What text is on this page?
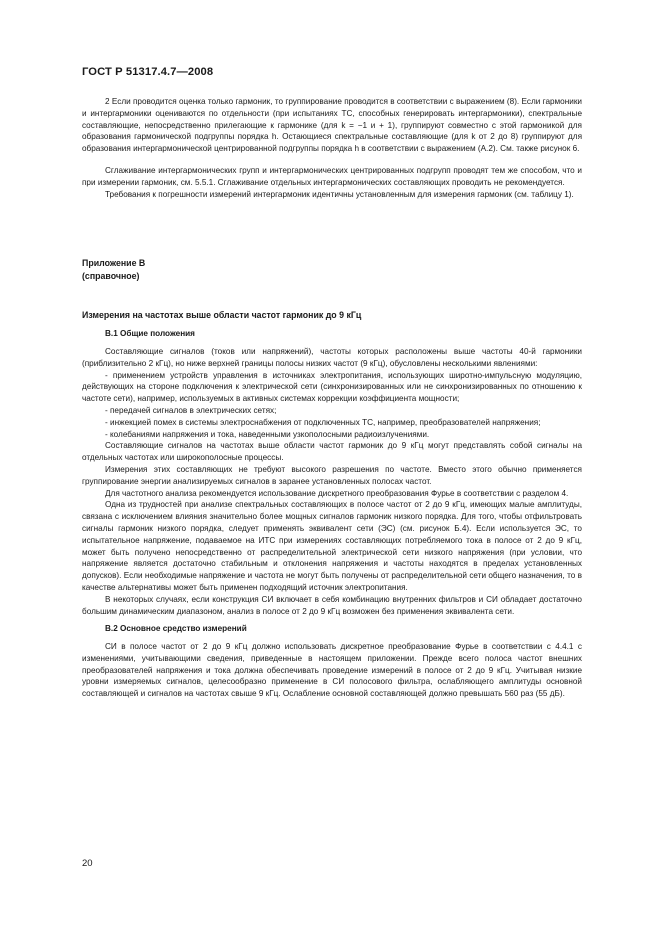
ГОСТ Р 51317.4.7—2008

2 Если проводится оценка только гармоник, то группирование проводится в соответствии с выражением (8). Если гармоники и интергармоники оцениваются по отдельности (при испытаниях ТС, способных генерировать интергармоники), спектральные составляющие, непосредственно прилегающие к гармонике (для k = −1 и + 1), группируют совместно с этой гармоникой для образования гармонической подгруппы порядка h. Остающиеся спектральные составляющие (для k от 2 до 8) группируют для образования интергармонической центрированной подгруппы порядка h в соответствии с выражением (А.2). См. также рисунок 6.

Сглаживание интергармонических групп и интергармонических центрированных подгрупп проводят тем же способом, что и при измерении гармоник, см. 5.5.1. Сглаживание отдельных интергармонических составляющих проводить не рекомендуется.

Требования к погрешности измерений интергармоник идентичны установленным для измерения гармоник (см. таблицу 1).

Приложение В

(справочное)

Измерения на частотах выше области частот гармоник до 9 кГц

В.1 Общие положения

Составляющие сигналов (токов или напряжений), частоты которых расположены выше частоты 40-й гармоники (приблизительно 2 кГц), но ниже верхней границы полосы низких частот (9 кГц), обусловлены несколькими явлениями:

- применением устройств управления в источниках электропитания, использующих широтно-импульсную модуляцию, действующих на стороне подключения к электрической сети (синхронизированных или не синхронизированных по отношению к частоте сети), например, используемых в активных системах коррекции коэффициента мощности;

- передачей сигналов в электрических сетях;

- инжекцией помех в системы электроснабжения от подключенных ТС, например, преобразователей напряжения;

- колебаниями напряжения и тока, наведенными узкополосными радиоизлучениями.

Составляющие сигналов на частотах выше области частот гармоник до 9 кГц могут представлять собой сигналы на отдельных частотах или широкополосные процессы.

Измерения этих составляющих не требуют высокого разрешения по частоте. Вместо этого обычно применяется группирование энергии анализируемых сигналов в заранее установленных полосах частот.

Для частотного анализа рекомендуется использование дискретного преобразования Фурье в соответствии с разделом 4.

Одна из трудностей при анализе спектральных составляющих в полосе частот от 2 до 9 кГц, имеющих малые амплитуды, связана с исключением влияния значительно более мощных сигналов гармоник низкого порядка. Для того, чтобы отфильтровать сигналы гармоник низкого порядка, следует применять эквивалент сети (ЭС) (см. рисунок Б.4). Если используется ЭС, то испытательное напряжение, подаваемое на ИТС при измерениях составляющих потребляемого тока в полосе от 2 до 9 кГц, может быть получено непосредственно от распределительной электрической сети низкого напряжения (при условии, что напряжение является достаточно стабильным и отклонения напряжения и частоты находятся в пределах установленных допусков). Если необходимые напряжение и частота не могут быть получены от распределительной сети общего назначения, то в качестве альтернативы может быть применен подходящий источник электропитания.

В некоторых случаях, если конструкция СИ включает в себя комбинацию внутренних фильтров и СИ обладает достаточно большим динамическим диапазоном, анализ в полосе от 2 до 9 кГц возможен без применения эквивалента сети.

В.2 Основное средство измерений

СИ в полосе частот от 2 до 9 кГц должно использовать дискретное преобразование Фурье в соответствии с 4.4.1 с изменениями, учитывающими сведения, приведенные в настоящем приложении. Прежде всего полоса частот внешних преобразователей напряжения и тока должна обеспечивать проведение измерений в полосе от 2 до 9 кГц. Учитывая низкие уровни измеряемых сигналов, целесообразно применение в СИ полосового фильтра, ослабляющего амплитуды основной составляющей и сигналов на частотах свыше 9 кГц. Ослабление основной составляющей должно превышать 560 раз (55 дБ).

20
